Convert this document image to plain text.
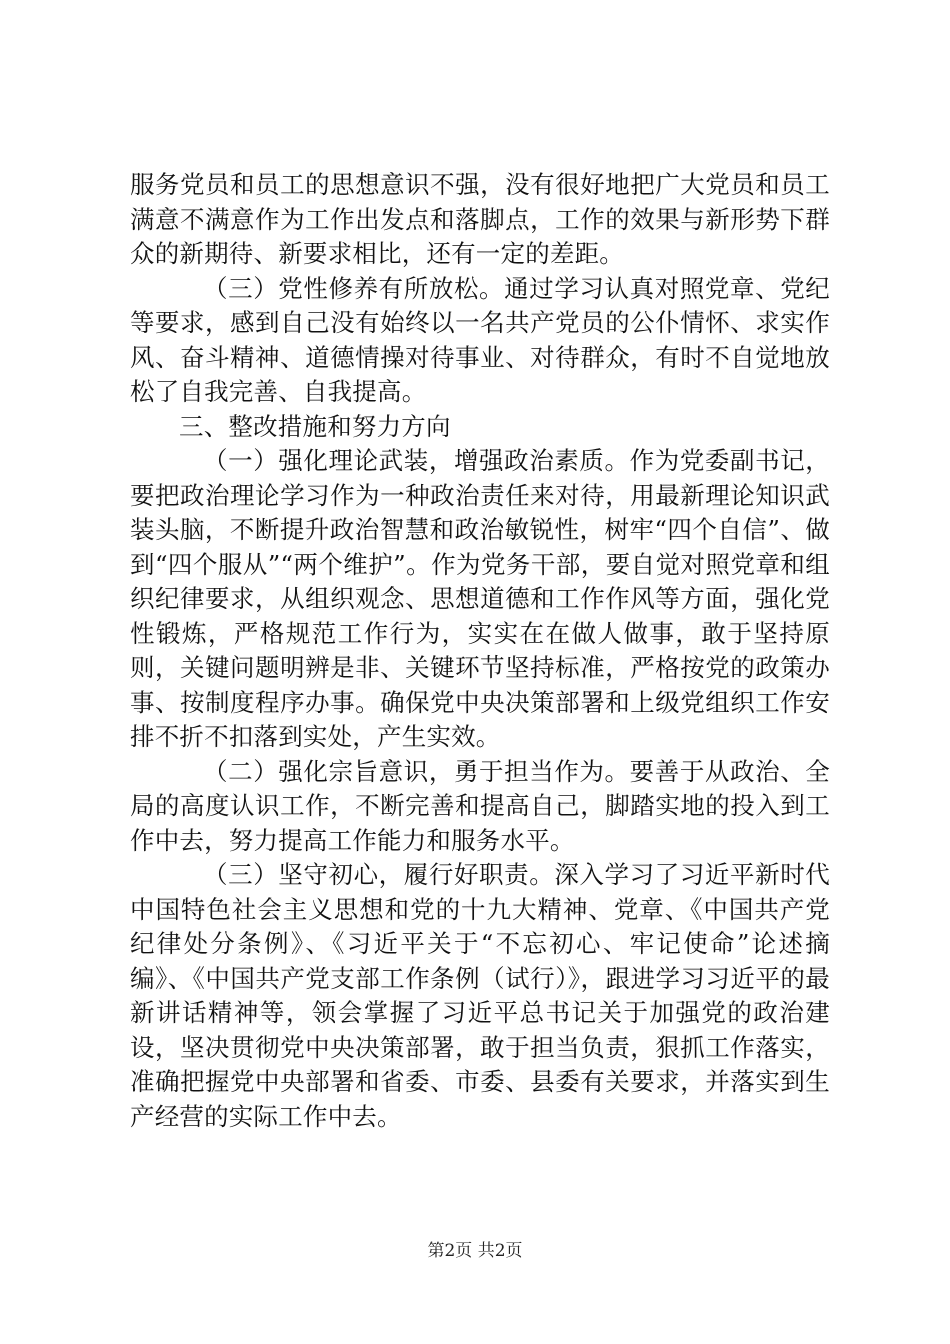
服务党员和员工的思想意识不强，没有很好地把广大党员和员工满意不满意作为工作出发点和落脚点，工作的效果与新形势下群众的新期待、新要求相比，还有一定的差距。

（三）党性修养有所放松。通过学习认真对照党章、党纪等要求，感到自己没有始终以一名共产党员的公仆情怀、求实作风、奋斗精神、道德情操对待事业、对待群众，有时不自觉地放松了自我完善、自我提高。

三、整改措施和努力方向

（一）强化理论武装，增强政治素质。作为党委副书记，要把政治理论学习作为一种政治责任来对待，用最新理论知识武装头脑，不断提升政治智慧和政治敏锐性，树牢“四个自信”、做到“四个服从”“两个维护”。作为党务干部，要自觉对照党章和组织纪律要求，从组织观念、思想道德和工作作风等方面，强化党性锻炼，严格规范工作行为，实实在在做人做事，敢于坚持原则，关键问题明辨是非、关键环节坚持标准，严格按党的政策办事、按制度程序办事。确保党中央决策部署和上级党组织工作安排不折不扣落到实处，产生实效。

（二）强化宗旨意识，勇于担当作为。要善于从政治、全局的高度认识工作，不断完善和提高自己，脚踏实地的投入到工作中去，努力提高工作能力和服务水平。

（三）坚守初心，履行好职责。深入学习了习近平新时代中国特色社会主义思想和党的十九大精神、党章、《中国共产党纪律处分条例》、《习近平关于“不忘初心、牢记使命”论述摘编》、《中国共产党支部工作条例（试行）》，跟进学习习近平的最新讲话精神等，领会掌握了习近平总书记关于加强党的政治建设，坚决贯彻党中央决策部署，敢于担当负责，狠抓工作落实，准确把握党中央部署和省委、市委、县委有关要求，并落实到生产经营的实际工作中去。

第2页 共2页
